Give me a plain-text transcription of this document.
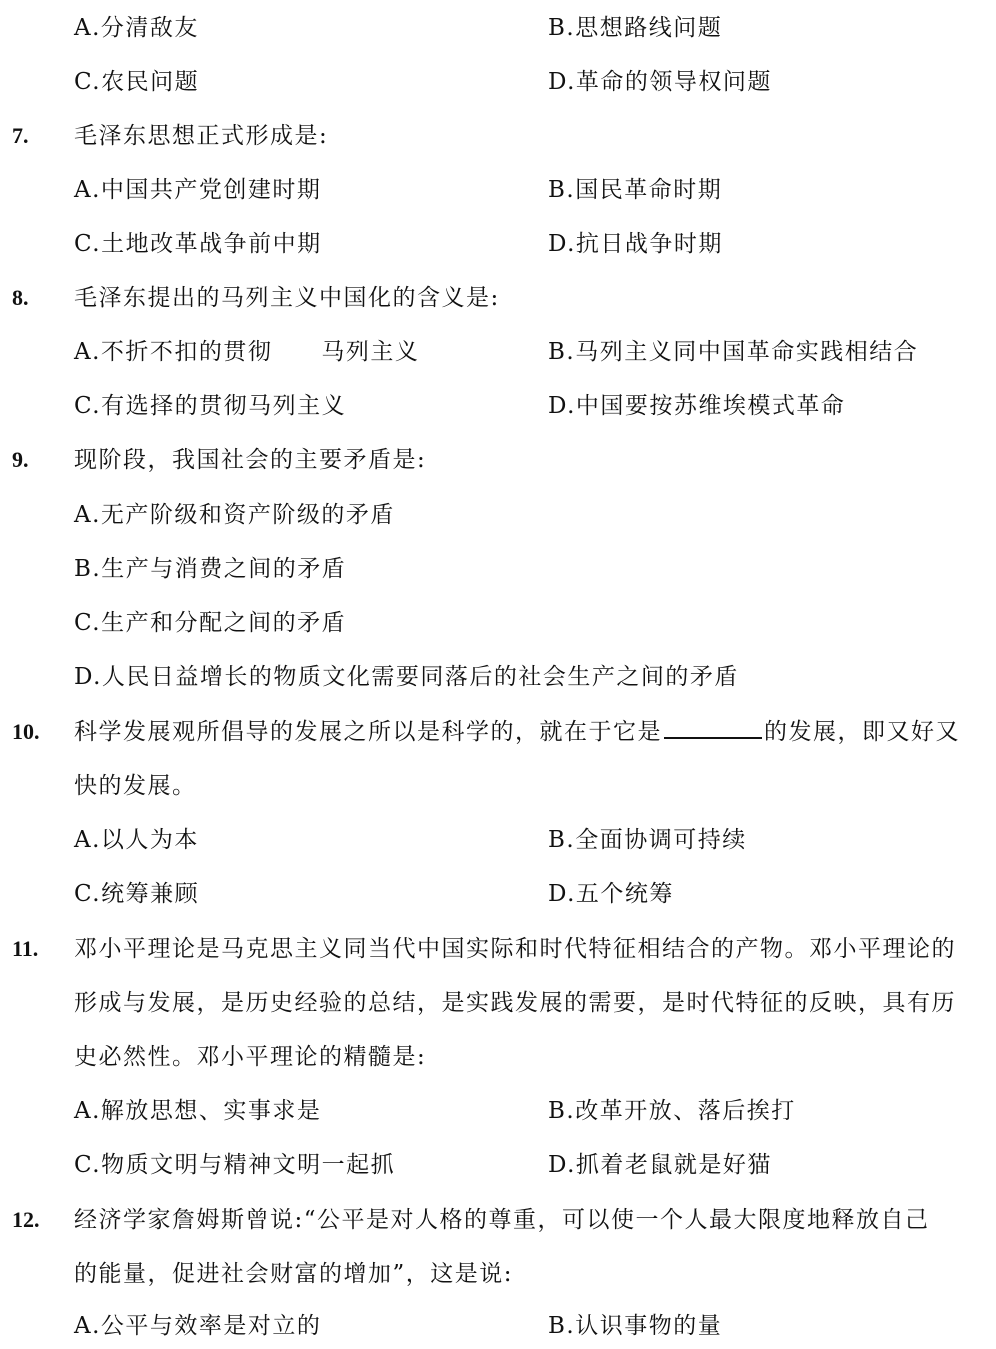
A.分清敌友	B.思想路线问题
C.农民问题	D.革命的领导权问题
7. 毛泽东思想正式形成是:
A.中国共产党创建时期	B.国民革命时期
C.土地改革战争前中期	D.抗日战争时期
8. 毛泽东提出的马列主义中国化的含义是:
A.不折不扣的贯彻　　马列主义	B.马列主义同中国革命实践相结合
C.有选择的贯彻马列主义	D.中国要按苏维埃模式革命
9. 现阶段，我国社会的主要矛盾是:
A.无产阶级和资产阶级的矛盾
B.生产与消费之间的矛盾
C.生产和分配之间的矛盾
D.人民日益增长的物质文化需要同落后的社会生产之间的矛盾
10. 科学发展观所倡导的发展之所以是科学的，就在于它是	的发展，即又好又
快的发展。
A.以人为本	B.全面协调可持续
C.统筹兼顾	D.五个统筹
11. 邓小平理论是马克思主义同当代中国实际和时代特征相结合的产物。邓小平理论的
形成与发展，是历史经验的总结，是实践发展的需要，是时代特征的反映，具有历
史必然性。邓小平理论的精髓是:
A.解放思想、实事求是	B.改革开放、落后挨打
C.物质文明与精神文明一起抓	D.抓着老鼠就是好猫
12. 经济学家詹姆斯曾说:“公平是对人格的尊重，可以使一个人最大限度地释放自己
的能量，促进社会财富的增加”，这是说:
A.公平与效率是对立的	B.认识事物的量
